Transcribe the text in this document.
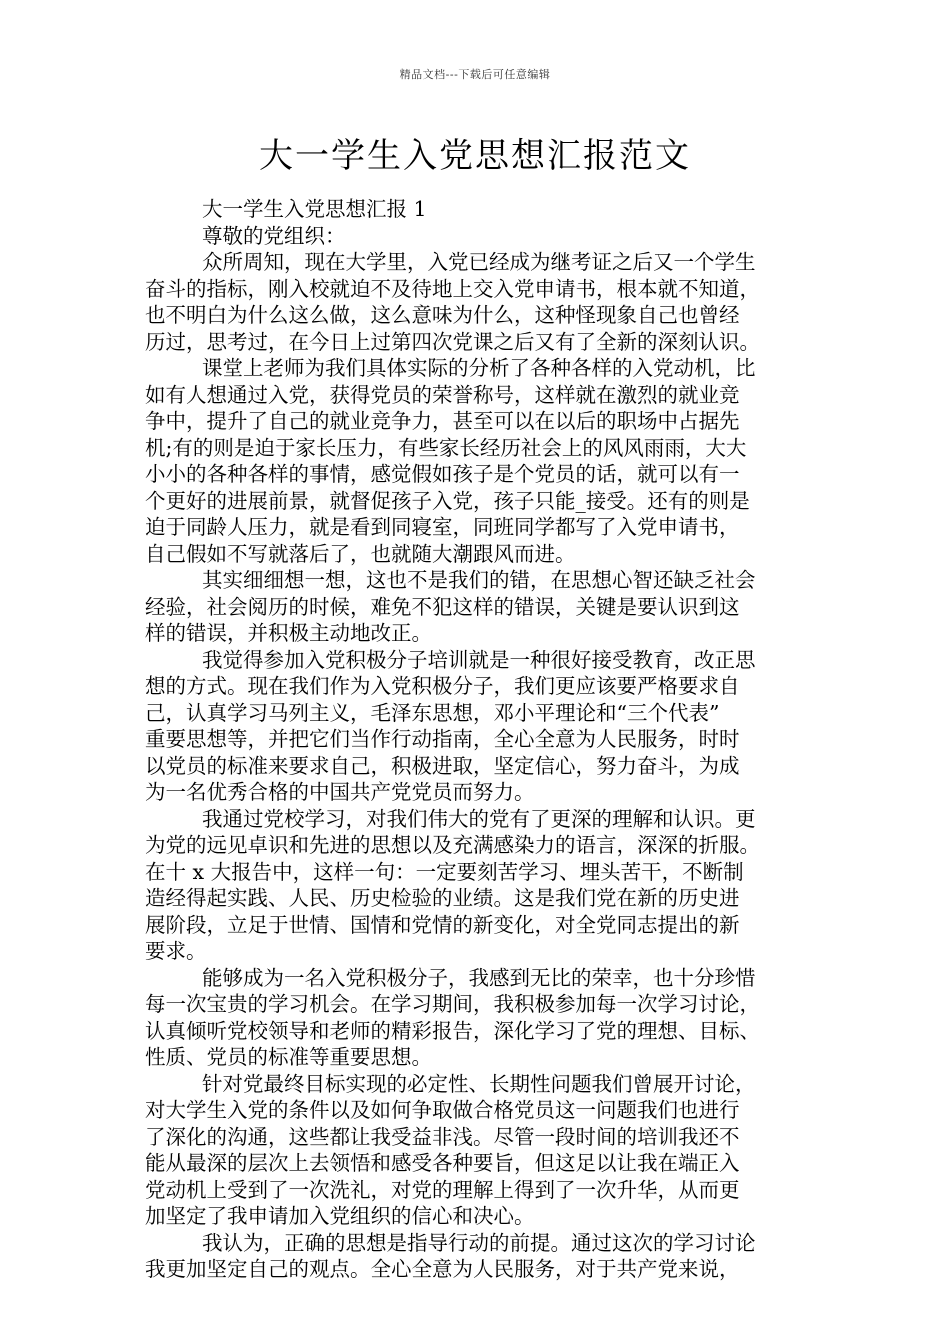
精品文档---下载后可任意编辑
大一学生入党思想汇报范文
大一学生入党思想汇报 1
尊敬的党组织：
众所周知，现在大学里，入党已经成为继考证之后又一个学生
奋斗的指标，刚入校就迫不及待地上交入党申请书，根本就不知道，
也不明白为什么这么做，这么意味为什么，这种怪现象自己也曾经
历过，思考过，在今日上过第四次党课之后又有了全新的深刻认识。
课堂上老师为我们具体实际的分析了各种各样的入党动机，比
如有人想通过入党，获得党员的荣誉称号，这样就在激烈的就业竞
争中，提升了自己的就业竞争力，甚至可以在以后的职场中占据先
机;有的则是迫于家长压力，有些家长经历社会上的风风雨雨，大大
小小的各种各样的事情，感觉假如孩子是个党员的话，就可以有一
个更好的进展前景，就督促孩子入党，孩子只能_接受。还有的则是
迫于同龄人压力，就是看到同寝室，同班同学都写了入党申请书，
自己假如不写就落后了，也就随大潮跟风而进。
其实细细想一想，这也不是我们的错，在思想心智还缺乏社会
经验，社会阅历的时候，难免不犯这样的错误，关键是要认识到这
样的错误，并积极主动地改正。
我觉得参加入党积极分子培训就是一种很好接受教育，改正思
想的方式。现在我们作为入党积极分子，我们更应该要严格要求自
己，认真学习马列主义，毛泽东思想，邓小平理论和“三个代表”
重要思想等，并把它们当作行动指南，全心全意为人民服务，时时
以党员的标准来要求自己，积极进取，坚定信心，努力奋斗，为成
为一名优秀合格的中国共产党党员而努力。
我通过党校学习，对我们伟大的党有了更深的理解和认识。更
为党的远见卓识和先进的思想以及充满感染力的语言，深深的折服。
在十 x 大报告中，这样一句：一定要刻苦学习、埋头苦干，不断制
造经得起实践、人民、历史检验的业绩。这是我们党在新的历史进
展阶段，立足于世情、国情和党情的新变化，对全党同志提出的新
要求。
能够成为一名入党积极分子，我感到无比的荣幸，也十分珍惜
每一次宝贵的学习机会。在学习期间，我积极参加每一次学习讨论，
认真倾听党校领导和老师的精彩报告，深化学习了党的理想、目标、
性质、党员的标准等重要思想。
针对党最终目标实现的必定性、长期性问题我们曾展开讨论，
对大学生入党的条件以及如何争取做合格党员这一问题我们也进行
了深化的沟通，这些都让我受益非浅。尽管一段时间的培训我还不
能从最深的层次上去领悟和感受各种要旨，但这足以让我在端正入
党动机上受到了一次洗礼，对党的理解上得到了一次升华，从而更
加坚定了我申请加入党组织的信心和决心。
我认为，正确的思想是指导行动的前提。通过这次的学习讨论
我更加坚定自己的观点。全心全意为人民服务，对于共产党来说，
